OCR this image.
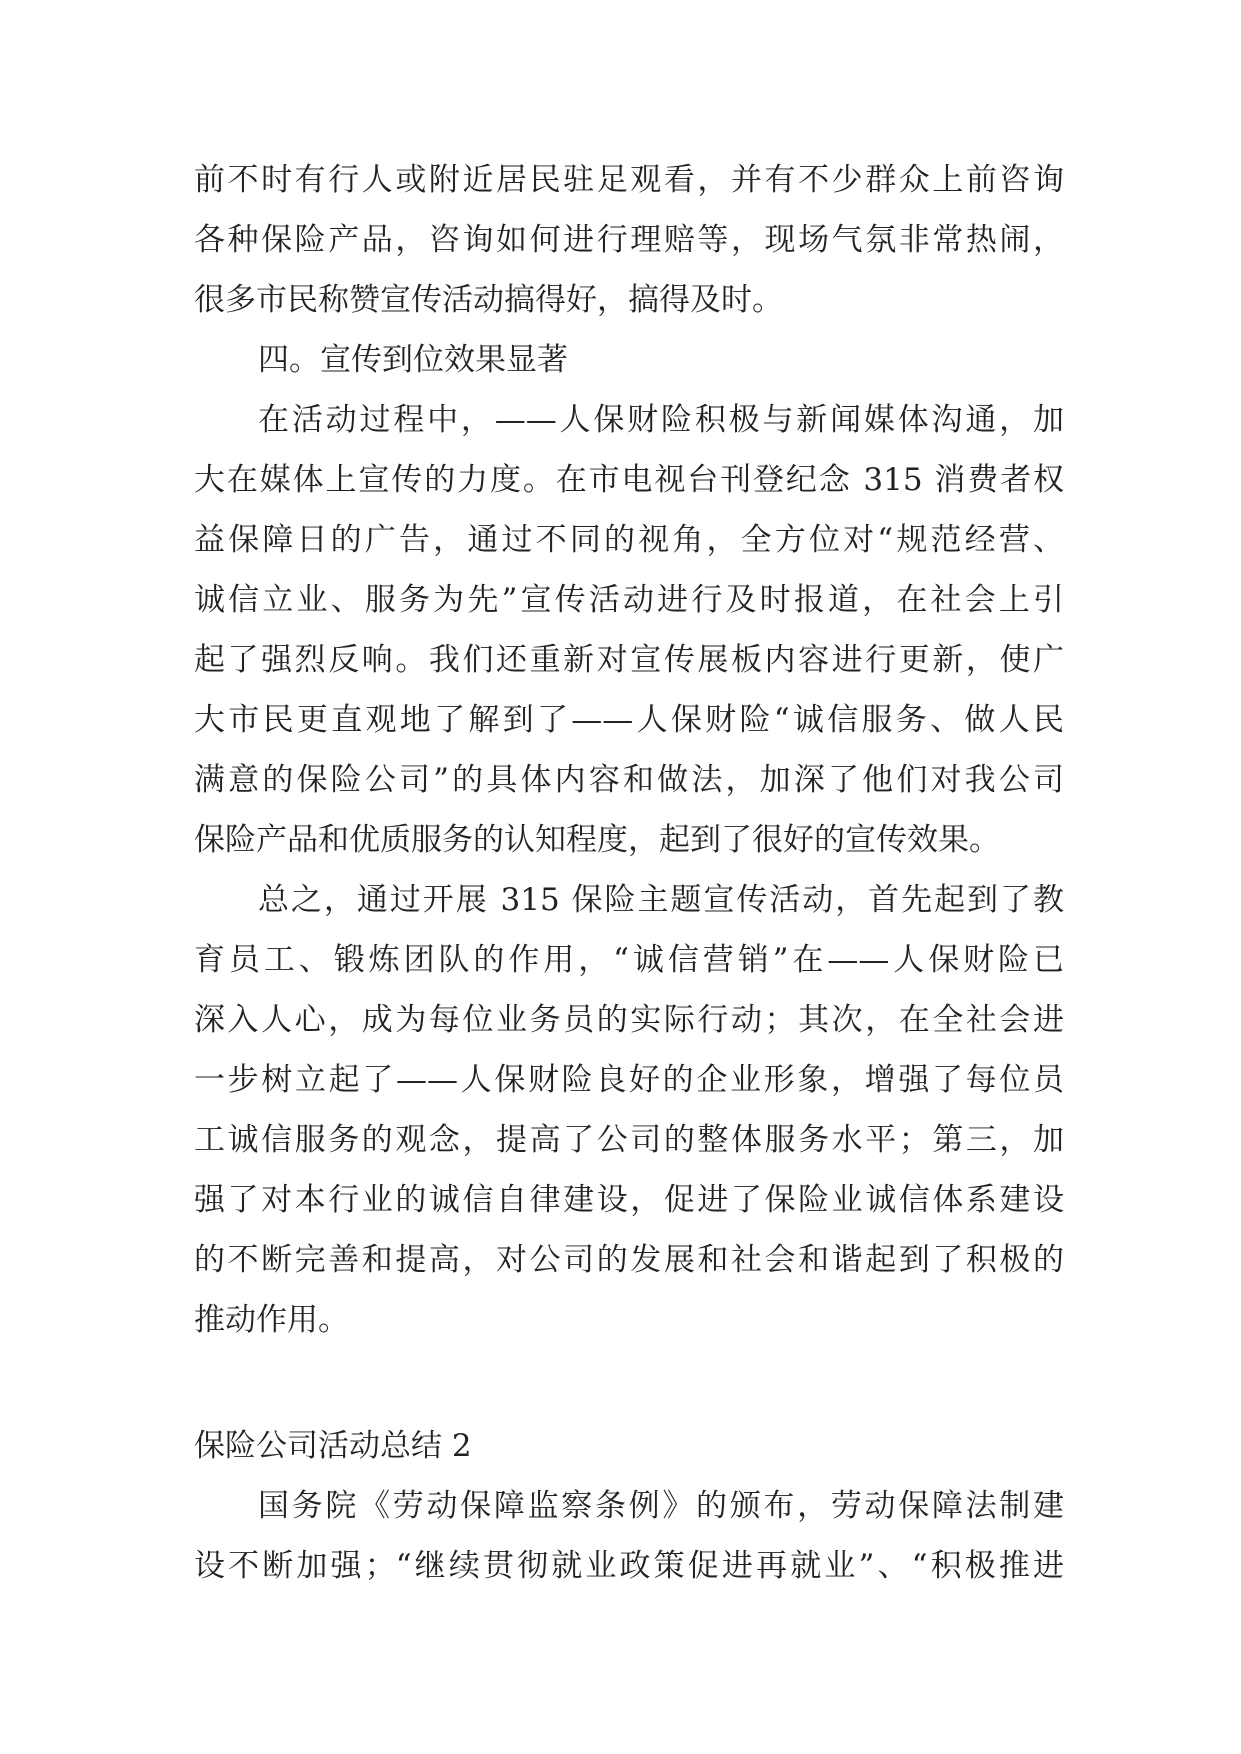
前不时有行人或附近居民驻足观看，并有不少群众上前咨询
各种保险产品，咨询如何进行理赔等，现场气氛非常热闹，
很多市民称赞宣传活动搞得好，搞得及时。
四。宣传到位效果显著
在活动过程中，——人保财险积极与新闻媒体沟通，加
大在媒体上宣传的力度。在市电视台刊登纪念 315 消费者权
益保障日的广告，通过不同的视角，全方位对“规范经营、
诚信立业、服务为先”宣传活动进行及时报道，在社会上引
起了强烈反响。我们还重新对宣传展板内容进行更新，使广
大市民更直观地了解到了——人保财险“诚信服务、做人民
满意的保险公司”的具体内容和做法，加深了他们对我公司
保险产品和优质服务的认知程度，起到了很好的宣传效果。
总之，通过开展 315 保险主题宣传活动，首先起到了教
育员工、锻炼团队的作用，“诚信营销”在——人保财险已
深入人心，成为每位业务员的实际行动；其次，在全社会进
一步树立起了——人保财险良好的企业形象，增强了每位员
工诚信服务的观念，提高了公司的整体服务水平；第三，加
强了对本行业的诚信自律建设，促进了保险业诚信体系建设
的不断完善和提高，对公司的发展和社会和谐起到了积极的
推动作用。
保险公司活动总结 2
国务院《劳动保障监察条例》的颁布，劳动保障法制建
设不断加强；“继续贯彻就业政策促进再就业”、“积极推进
